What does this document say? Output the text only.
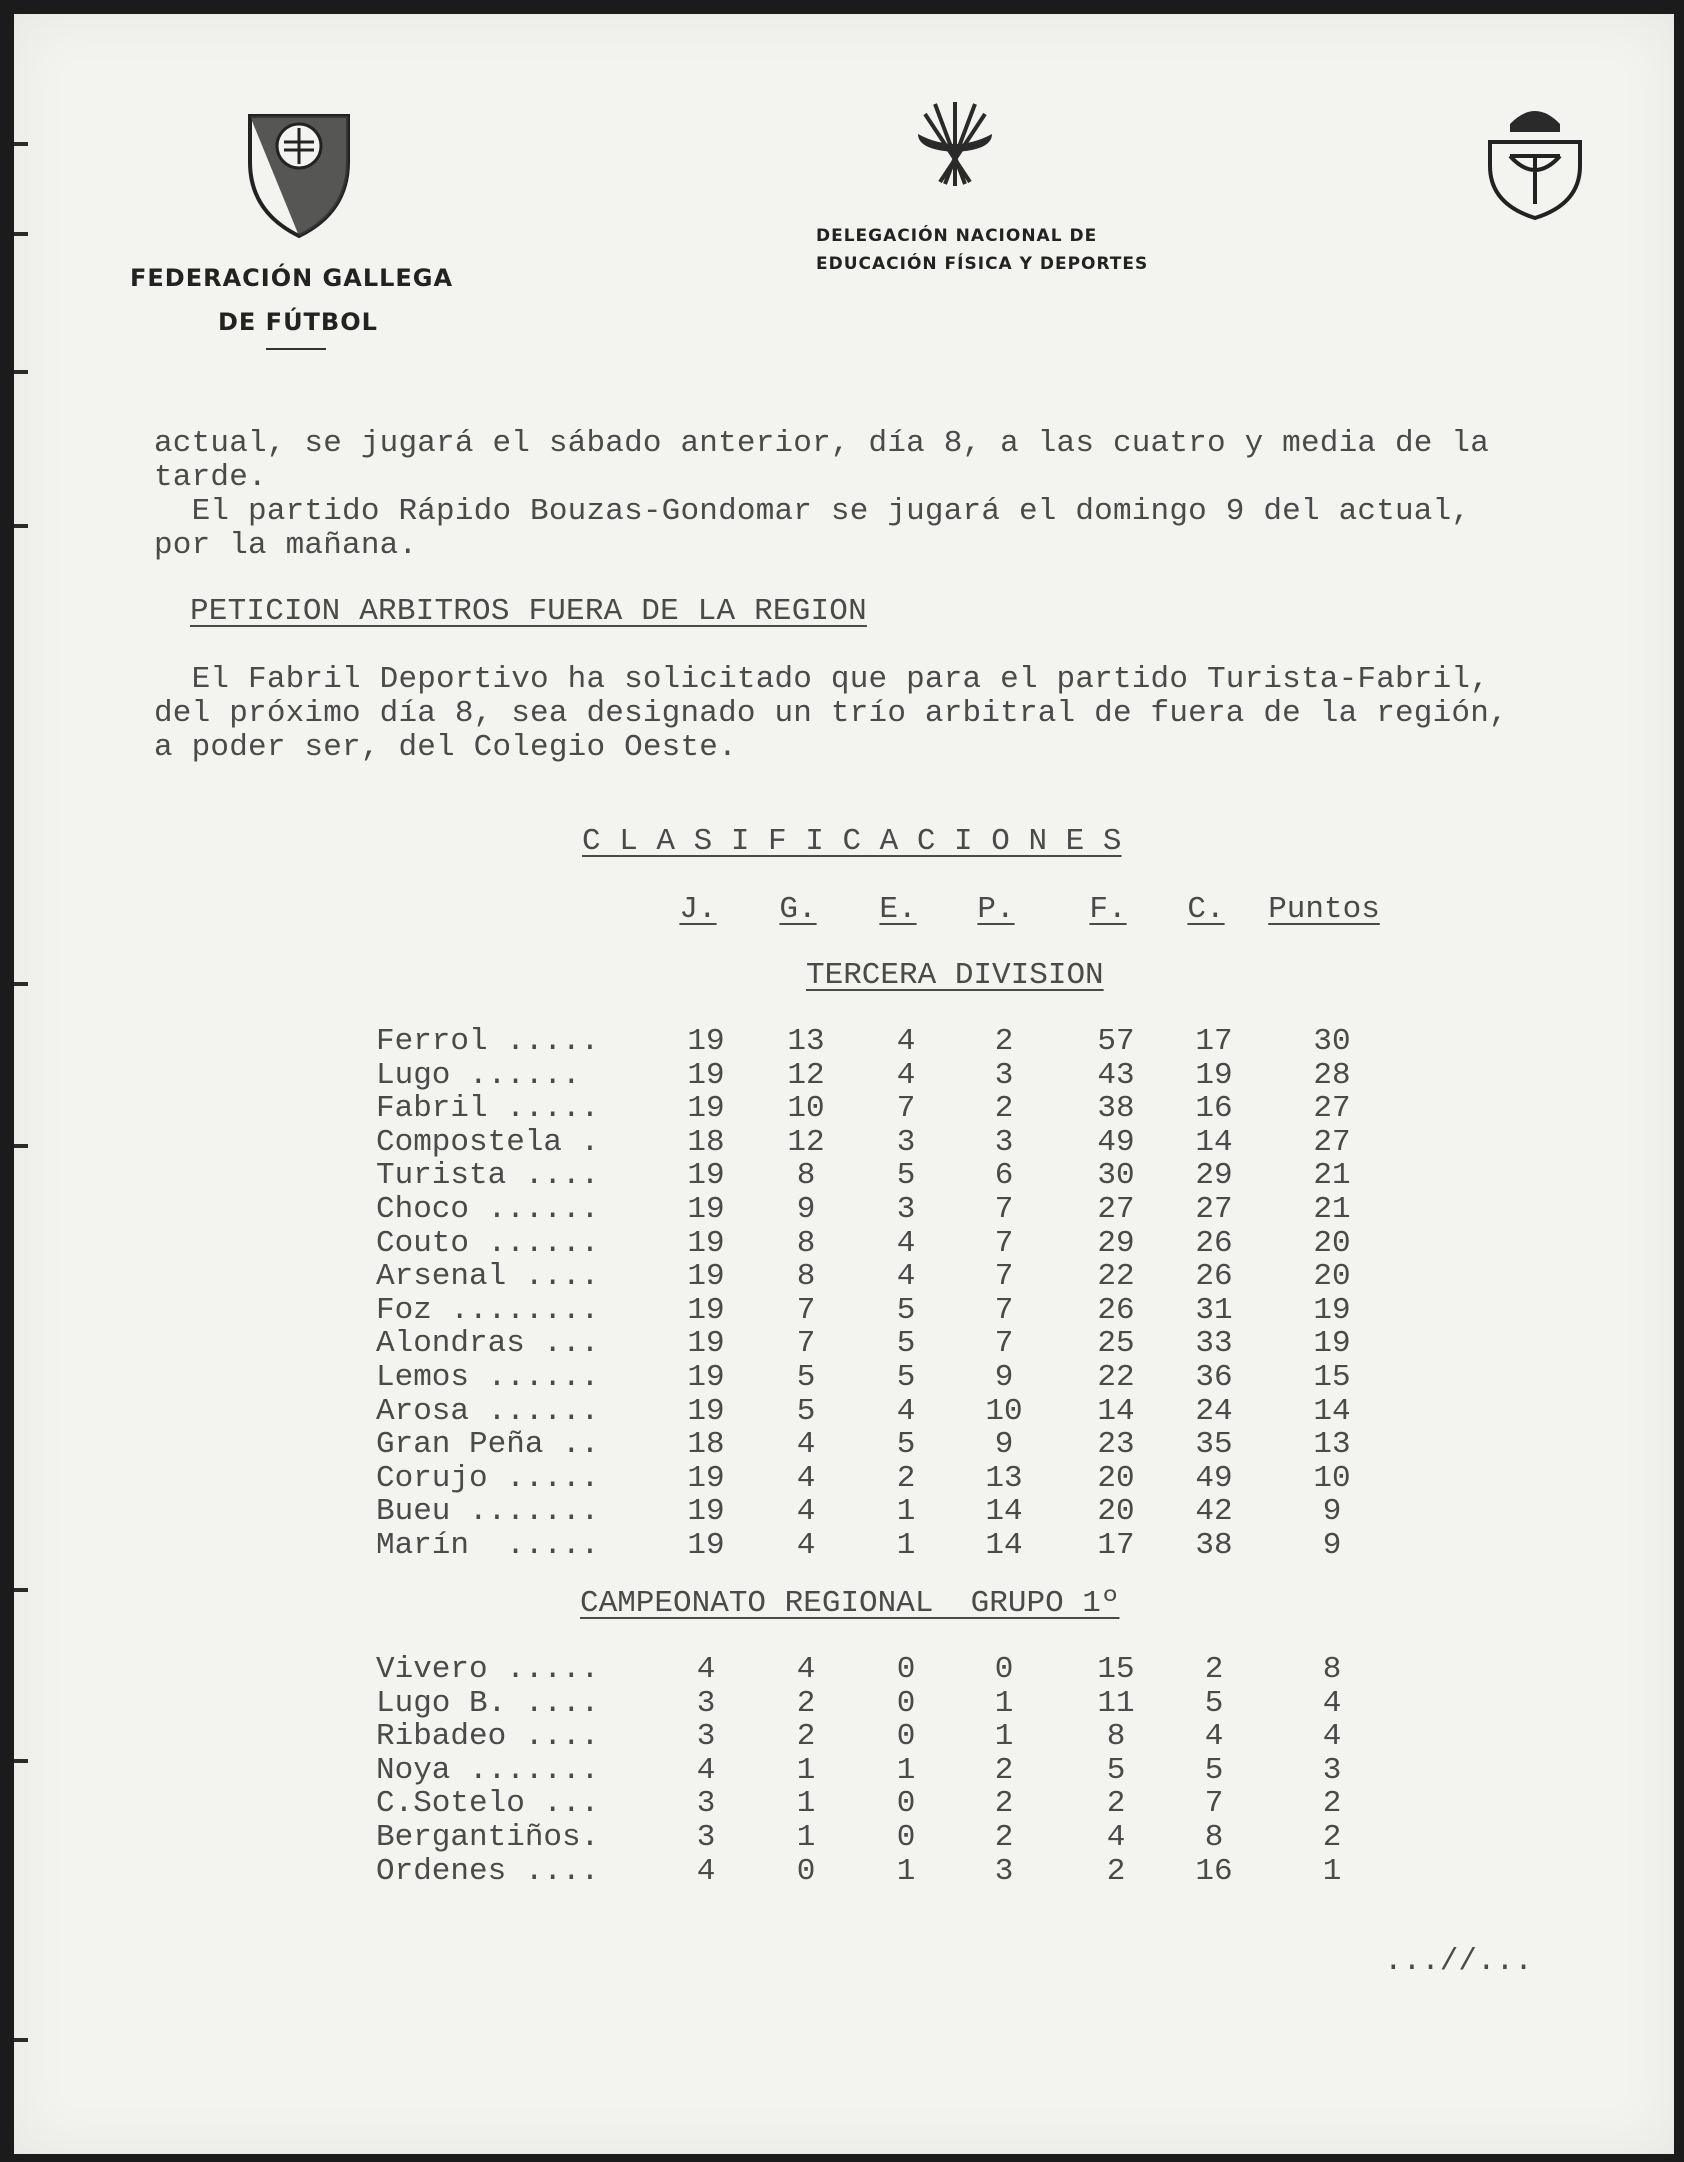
FEDERACIÓN GALLEGA
DE FÚTBOL
DELEGACIÓN NACIONAL DE
EDUCACIÓN FÍSICA Y DEPORTES
actual, se jugará el sábado anterior, día 8, a las cuatro y media de la
tarde.
El partido Rápido Bouzas-Gondomar se jugará el domingo 9 del actual,
por la mañana.
PETICION ARBITROS FUERA DE LA REGION
El Fabril Deportivo ha solicitado que para el partido Turista-Fabril,
del próximo día 8, sea designado un trío arbitral de fuera de la región,
a poder ser, del Colegio Oeste.
C L A S I F I C A C I O N E S
J.	G.	E.	P.	F.	C.	Puntos
TERCERA DIVISION
Ferrol .....	19	13	4	2	57	17	30
Lugo ......	19	12	4	3	43	19	28
Fabril .....	19	10	7	2	38	16	27
Compostela .	18	12	3	3	49	14	27
Turista ....	19	8	5	6	30	29	21
Choco ......	19	9	3	7	27	27	21
Couto ......	19	8	4	7	29	26	20
Arsenal ....	19	8	4	7	22	26	20
Foz ........	19	7	5	7	26	31	19
Alondras ...	19	7	5	7	25	33	19
Lemos ......	19	5	5	9	22	36	15
Arosa ......	19	5	4	10	14	24	14
Gran Peña ..	18	4	5	9	23	35	13
Corujo .....	19	4	2	13	20	49	10
Bueu .......	19	4	1	14	20	42	9
Marín  .....	19	4	1	14	17	38	9
CAMPEONATO REGIONAL  GRUPO 1º
Vivero .....	4	4	0	0	15	2	8
Lugo B. ....	3	2	0	1	11	5	4
Ribadeo ....	3	2	0	1	8	4	4
Noya .......	4	1	1	2	5	5	3
C.Sotelo ...	3	1	0	2	2	7	2
Bergantiños.	3	1	0	2	4	8	2
Ordenes ....	4	0	1	3	2	16	1
...//...
